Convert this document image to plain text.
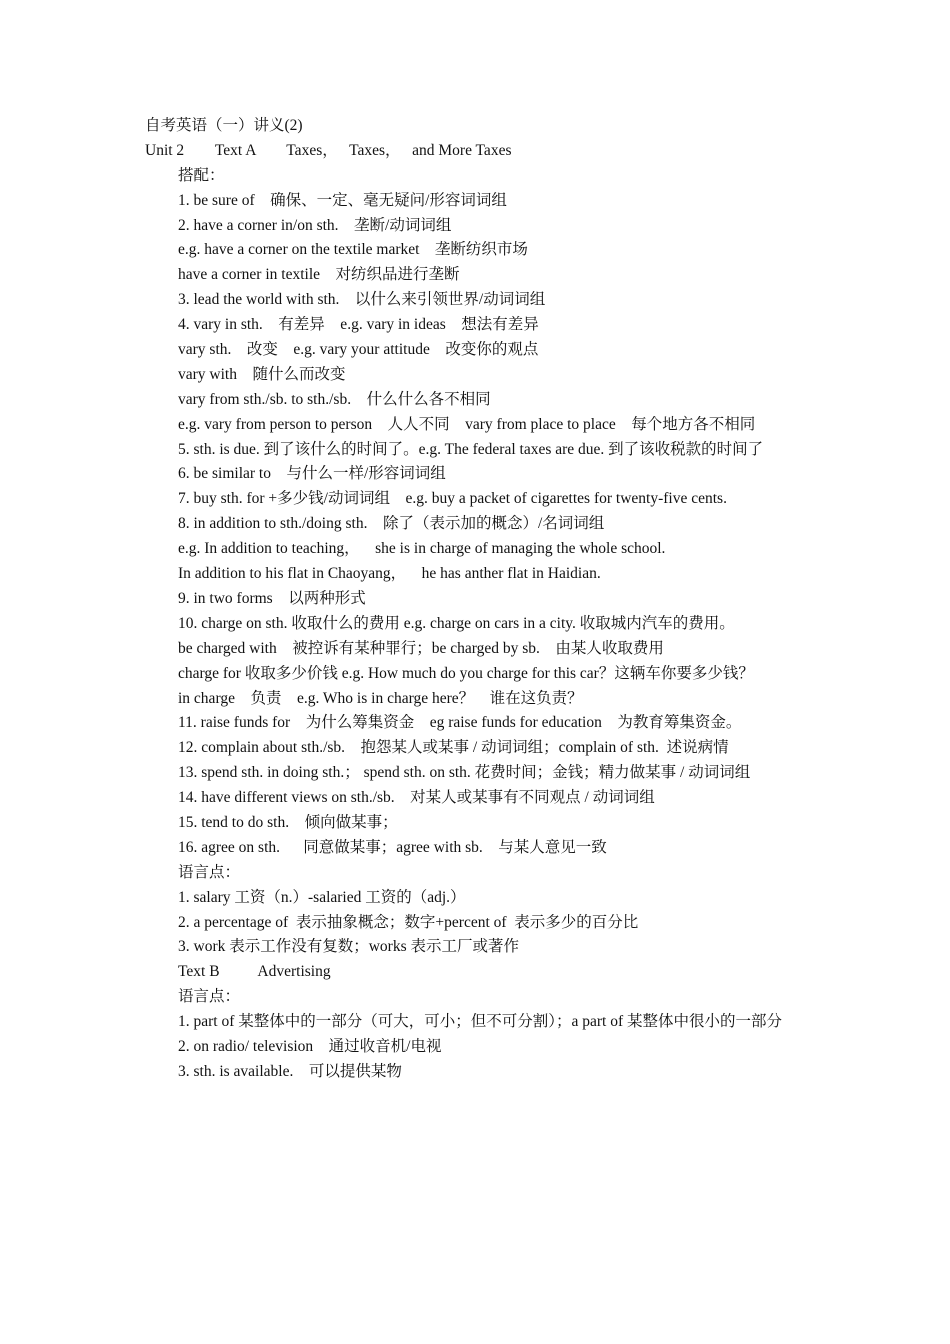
自考英语（一）讲义(2)
Unit 2        Text A        Taxes，   Taxes，   and More Taxes
搭配：
1. be sure of    确保、一定、毫无疑问/形容词词组
2. have a corner in/on sth.    垄断/动词词组
e.g. have a corner on the textile market    垄断纺织市场
have a corner in textile    对纺织品进行垄断
3. lead the world with sth.    以什么来引领世界/动词词组
4. vary in sth.    有差异    e.g. vary in ideas    想法有差异
vary sth.    改变    e.g. vary your attitude    改变你的观点
vary with    随什么而改变
vary from sth./sb. to sth./sb.    什么什么各不相同
e.g. vary from person to person    人人不同    vary from place to place    每个地方各不相同
5. sth. is due. 到了该什么的时间了。e.g. The federal taxes are due. 到了该收税款的时间了
6. be similar to    与什么一样/形容词词组
7. buy sth. for +多少钱/动词词组    e.g. buy a packet of cigarettes for twenty-five cents.
8. in addition to sth./doing sth.    除了（表示加的概念）/名词词组
e.g. In addition to teaching，    she is in charge of managing the whole school.
In addition to his flat in Chaoyang，    he has anther flat in Haidian.
9. in two forms    以两种形式
10. charge on sth. 收取什么的费用 e.g. charge on cars in a city. 收取城内汽车的费用。
be charged with    被控诉有某种罪行；be charged by sb.    由某人收取费用
charge for 收取多少价钱 e.g. How much do you charge for this car？这辆车你要多少钱？
in charge    负责    e.g. Who is in charge here？    谁在这负责？
11. raise funds for    为什么筹集资金    eg raise funds for education    为教育筹集资金。
12. complain about sth./sb.    抱怨某人或某事 / 动词词组；complain of sth.  述说病情
13. spend sth. in doing sth.； spend sth. on sth. 花费时间；金钱；精力做某事 / 动词词组
14. have different views on sth./sb.    对某人或某事有不同观点 / 动词词组
15. tend to do sth.    倾向做某事；
16. agree on sth.      同意做某事；agree with sb.    与某人意见一致
语言点：
1. salary 工资（n.）-salaried 工资的（adj.）
2. a percentage of  表示抽象概念；数字+percent of  表示多少的百分比
3. work 表示工作没有复数；works 表示工厂或著作
Text B          Advertising
语言点：
1. part of 某整体中的一部分（可大，可小；但不可分割）；a part of 某整体中很小的一部分
2. on radio/ television    通过收音机/电视
3. sth. is available.    可以提供某物
